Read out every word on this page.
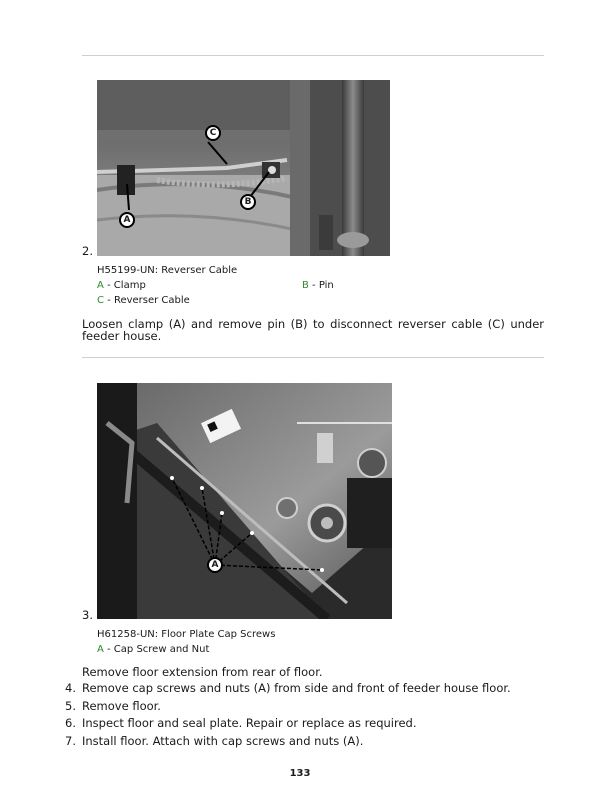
2.
C
B
A
H55199-UN: Reverser Cable
A - Clamp	B - Pin
C - Reverser Cable
Loosen clamp (A) and remove pin (B) to disconnect reverser cable (C) under feeder house.
3.
A
H61258-UN: Floor Plate Cap Screws
A - Cap Screw and Nut
Remove floor extension from rear of floor.
4. Remove cap screws and nuts (A) from side and front of feeder house floor.
5. Remove floor.
6. Inspect floor and seal plate. Repair or replace as required.
7. Install floor. Attach with cap screws and nuts (A).
133
